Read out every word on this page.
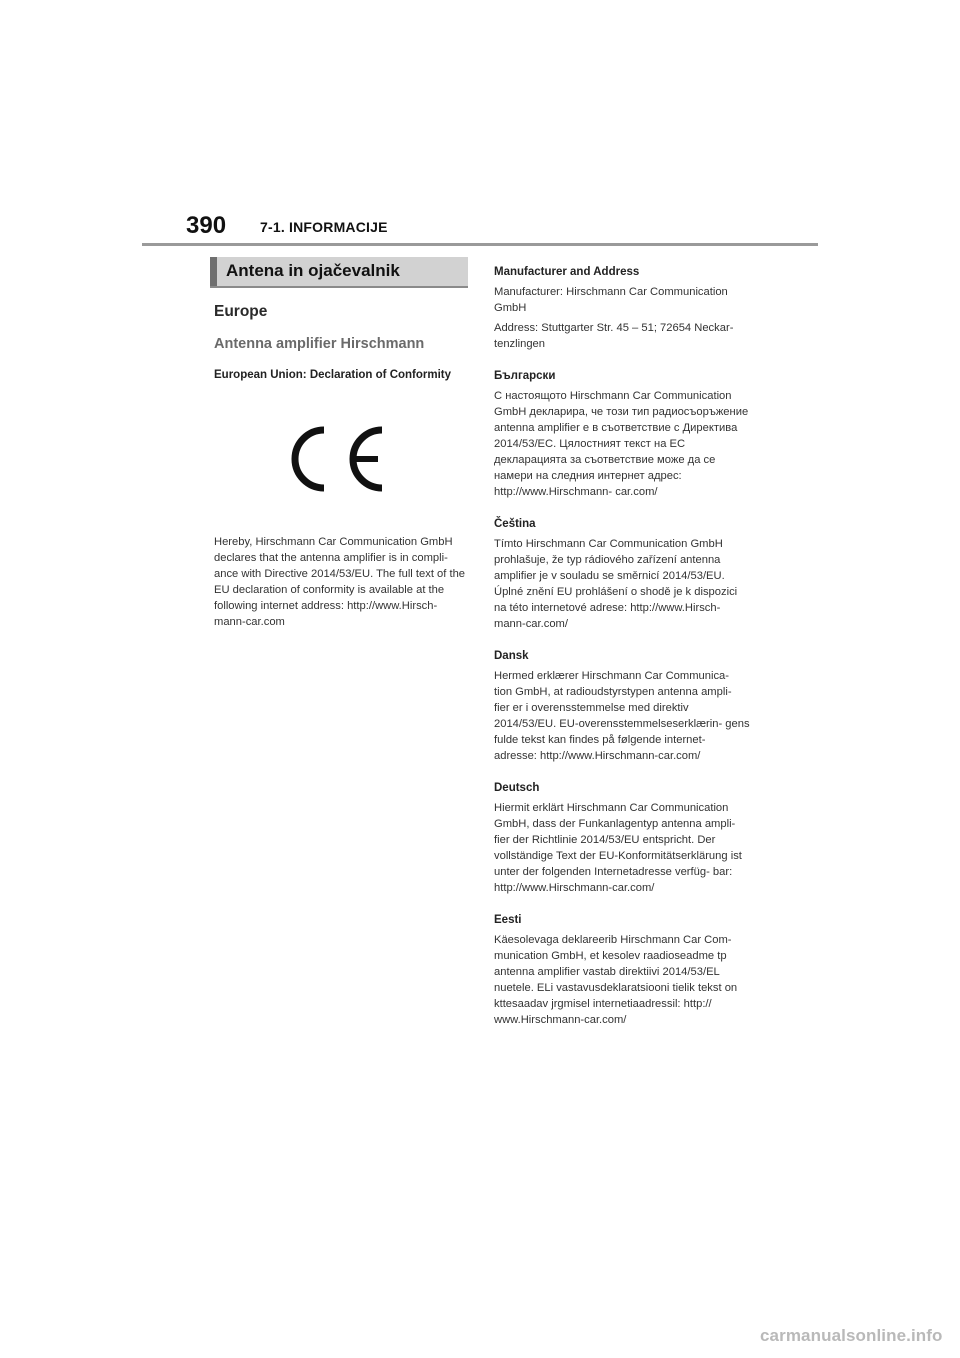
390 7-1. INFORMACIJE
Antena in ojačevalnik
Europe
Antenna amplifier Hirschmann
European Union: Declaration of Conformity
Hereby, Hirschmann Car Communication GmbH declares that the antenna amplifier is in compli- ance with Directive 2014/53/EU. The full text of the EU declaration of conformity is available at the following internet address: http://www.Hirsch- mann-car.com
Manufacturer and Address

Manufacturer: Hirschmann Car Communication GmbH

Address: Stuttgarter Str. 45 – 51; 72654 Neckar- tenzlingen

Български

С настоящото Hirschmann Car Communication GmbH декларира, че този тип радиосъоръжение antenna amplifier е в съответствие с Директива 2014/53/ЕС. Цялостният текст на ЕС декларацията за съответствие може да се намери на следния интернет адрес: http://www.Hirschmann- car.com/

Čeština

Tímto Hirschmann Car Communication GmbH prohlašuje, že typ rádiového zařízení antenna amplifier je v souladu se směrnicí 2014/53/EU. Úplné znění EU prohlášení o shodě je k dispozici na této internetové adrese: http://www.Hirsch- mann-car.com/

Dansk

Hermed erklærer Hirschmann Car Communica- tion GmbH, at radioudstyrstypen antenna ampli- fier er i overensstemmelse med direktiv 2014/53/EU. EU-overensstemmelseserklærin- gens fulde tekst kan findes på følgende internet- adresse: http://www.Hirschmann-car.com/

Deutsch

Hiermit erklärt Hirschmann Car Communication GmbH, dass der Funkanlagentyp antenna ampli- fier der Richtlinie 2014/53/EU entspricht. Der vollständige Text der EU-Konformitätserklärung ist unter der folgenden Internetadresse verfüg- bar: http://www.Hirschmann-car.com/

Eesti

Käesolevaga deklareerib Hirschmann Car Com- munication GmbH, et kesolev raadioseadme tp antenna amplifier vastab direktiivi 2014/53/EL nuetele. ELi vastavusdeklaratsiooni tielik tekst on kttesaadav jrgmisel internetiaadressil: http:// www.Hirschmann-car.com/

carmanualsonline.info
